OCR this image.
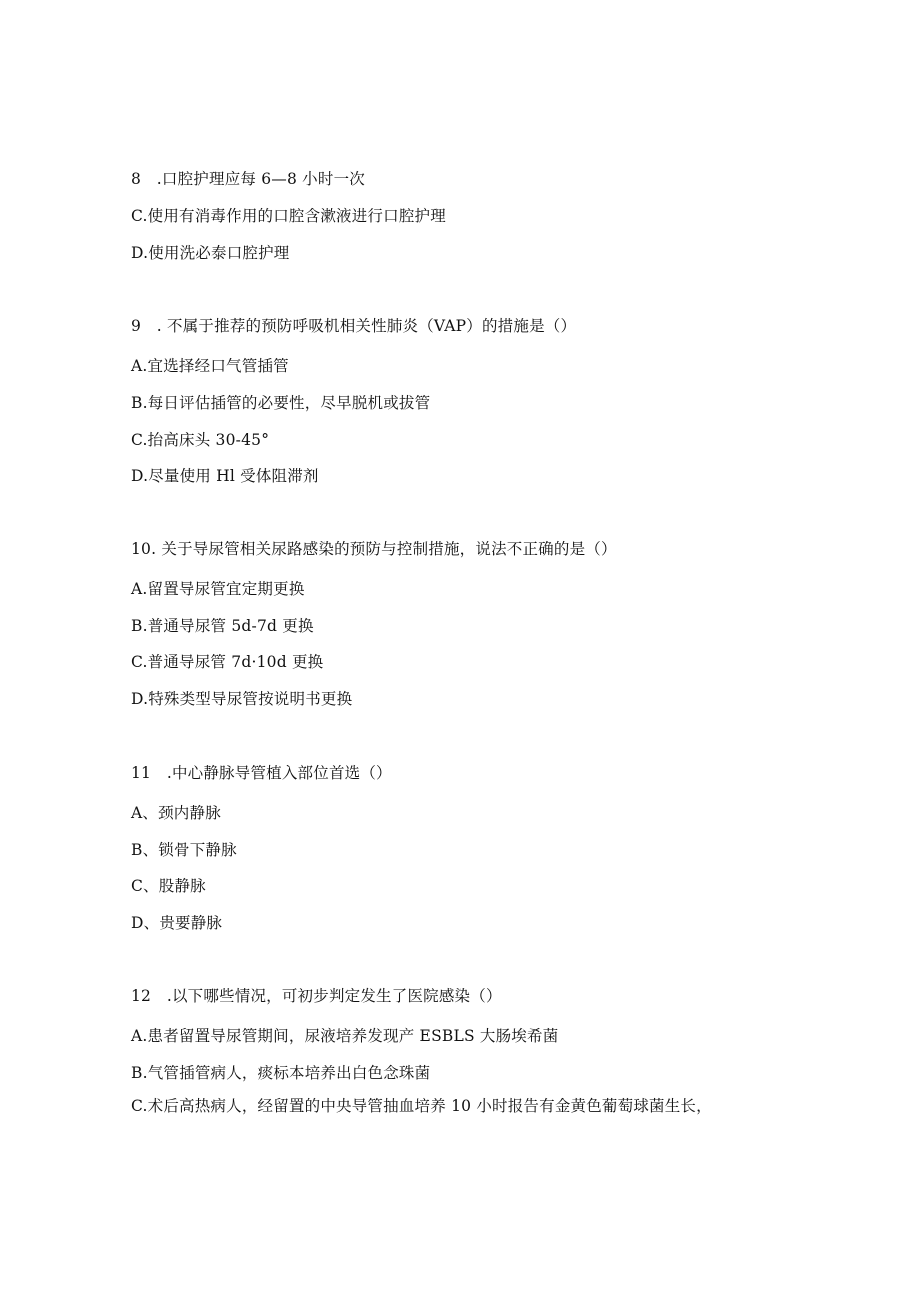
8　.口腔护理应每 6—8 小时一次
C.使用有消毒作用的口腔含漱液进行口腔护理
D.使用洗必泰口腔护理
9　. 不属于推荐的预防呼吸机相关性肺炎（VAP）的措施是（）
A.宜选择经口气管插管
B.每日评估插管的必要性，尽早脱机或拔管
C.抬高床头 30-45°
D.尽量使用 Hl 受体阻滞剂
10. 关于导尿管相关尿路感染的预防与控制措施，说法不正确的是（）
A.留置导尿管宜定期更换
B.普通导尿管 5d-7d 更换
C.普通导尿管 7d·10d 更换
D.特殊类型导尿管按说明书更换
11　.中心静脉导管植入部位首选（）
A、颈内静脉
B、锁骨下静脉
C、股静脉
D、贵要静脉
12　.以下哪些情况，可初步判定发生了医院感染（）
A.患者留置导尿管期间，尿液培养发现产 ESBLS 大肠埃希菌
B.气管插管病人，痰标本培养出白色念珠菌
C.术后高热病人，经留置的中央导管抽血培养 10 小时报告有金黄色葡萄球菌生长，
